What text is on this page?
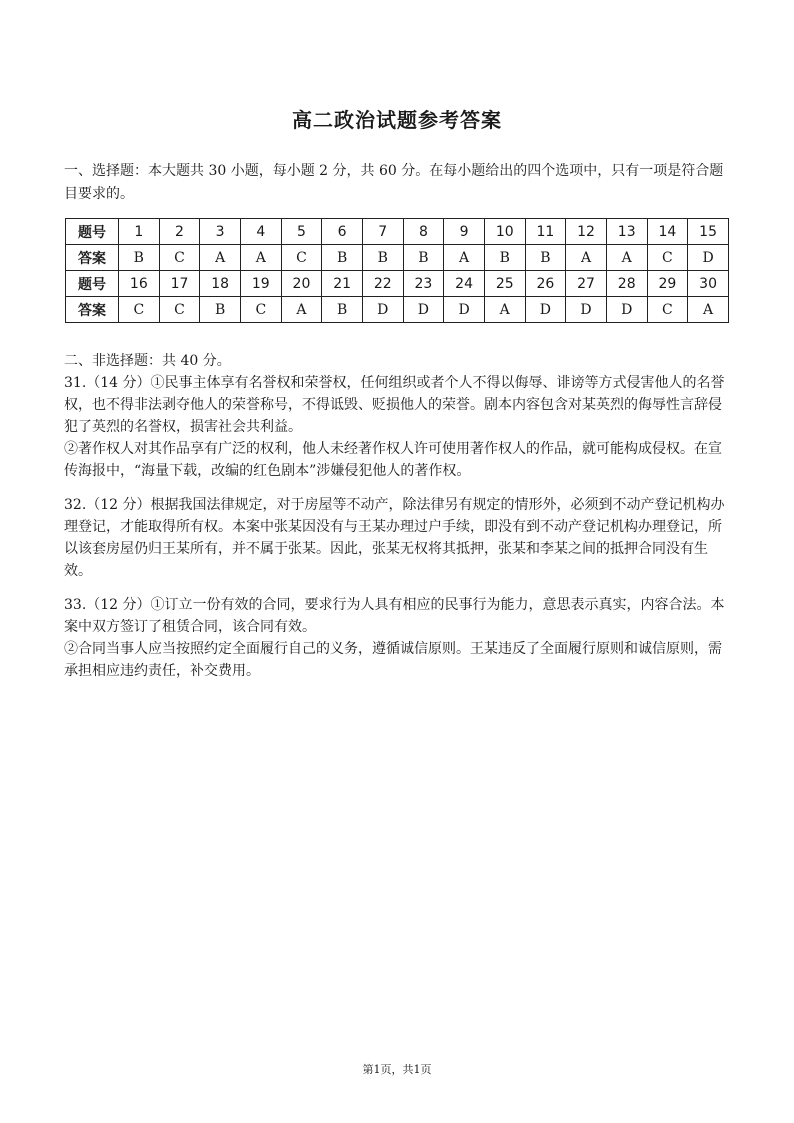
高二政治试题参考答案
一、选择题：本大题共 30 小题，每小题 2 分，共 60 分。在每小题给出的四个选项中，只有一项是符合题目要求的。
题号	1	2	3	4	5	6	7	8	9	10	11	12	13	14	15
答案	B	C	A	A	C	B	B	B	A	B	B	A	A	C	D
题号	16	17	18	19	20	21	22	23	24	25	26	27	28	29	30
答案	C	C	B	C	A	B	D	D	D	A	D	D	D	C	A

二、非选择题：共 40 分。

31.（14 分）①民事主体享有名誉权和荣誉权，任何组织或者个人不得以侮辱、诽谤等方式侵害他人的名誉权，也不得非法剥夺他人的荣誉称号，不得诋毁、贬损他人的荣誉。剧本内容包含对某英烈的侮辱性言辞侵犯了英烈的名誉权，损害社会共利益。

②著作权人对其作品享有广泛的权利，他人未经著作权人许可使用著作权人的作品，就可能构成侵权。在宣传海报中，“海量下载，改编的红色剧本”涉嫌侵犯他人的著作权。

32.（12 分）根据我国法律规定，对于房屋等不动产，除法律另有规定的情形外，必须到不动产登记机构办理登记，才能取得所有权。本案中张某因没有与王某办理过户手续，即没有到不动产登记机构办理登记，所以该套房屋仍归王某所有，并不属于张某。因此，张某无权将其抵押，张某和李某之间的抵押合同没有生效。

33.（12 分）①订立一份有效的合同，要求行为人具有相应的民事行为能力，意思表示真实，内容合法。本案中双方签订了租赁合同，该合同有效。

②合同当事人应当按照约定全面履行自己的义务，遵循诚信原则。王某违反了全面履行原则和诚信原则，需承担相应违约责任，补交费用。

第1页，共1页
